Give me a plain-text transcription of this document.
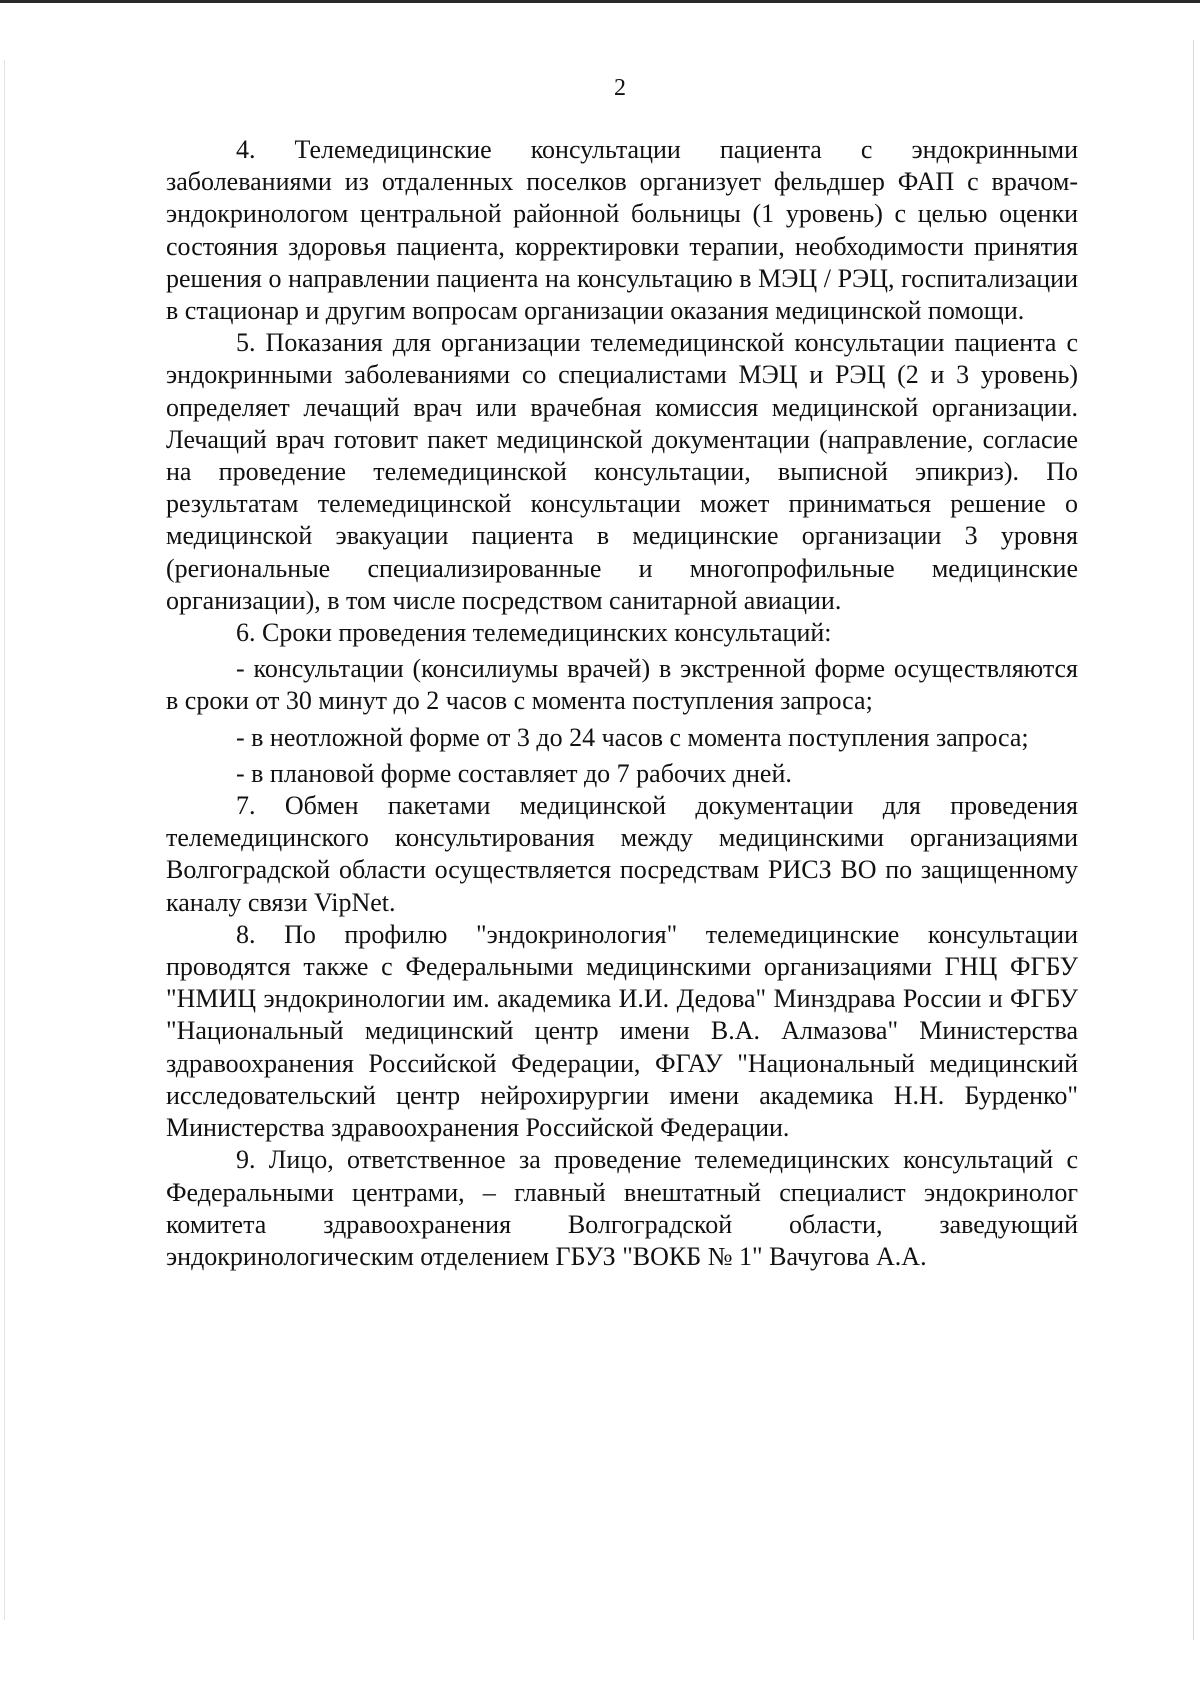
2

4. Телемедицинские консультации пациента с эндокринными заболеваниями из отдаленных поселков организует фельдшер ФАП с врачом-эндокринологом центральной районной больницы (1 уровень) с целью оценки состояния здоровья пациента, корректировки терапии, необходимости принятия решения о направлении пациента на консультацию в МЭЦ / РЭЦ, госпитализации в стационар и другим вопросам организации оказания медицинской помощи.

5. Показания для организации телемедицинской консультации пациента с эндокринными заболеваниями со специалистами МЭЦ и РЭЦ (2 и 3 уровень) определяет лечащий врач или врачебная комиссия медицинской организации. Лечащий врач готовит пакет медицинской документации (направление, согласие на проведение телемедицинской консультации, выписной эпикриз). По результатам телемедицинской консультации может приниматься решение о медицинской эвакуации пациента в медицинские организации 3 уровня (региональные специализированные и многопрофильные медицинские организации), в том числе посредством санитарной авиации.

6. Сроки проведения телемедицинских консультаций:

- консультации (консилиумы врачей) в экстренной форме осуществляются в сроки от 30 минут до 2 часов с момента поступления запроса;

- в неотложной форме от 3 до 24 часов с момента поступления запроса;

- в плановой форме составляет до 7 рабочих дней.

7. Обмен пакетами медицинской документации для проведения телемедицинского консультирования между медицинскими организациями Волгоградской области осуществляется посредствам РИСЗ ВО по защищенному каналу связи VipNet.

8. По профилю "эндокринология" телемедицинские консультации проводятся также с Федеральными медицинскими организациями ГНЦ ФГБУ "НМИЦ эндокринологии им. академика И.И. Дедова" Минздрава России и ФГБУ "Национальный медицинский центр имени В.А. Алмазова" Министерства здравоохранения Российской Федерации, ФГАУ "Национальный медицинский исследовательский центр нейрохирургии имени академика Н.Н. Бурденко" Министерства здравоохранения Российской Федерации.

9. Лицо, ответственное за проведение телемедицинских консультаций с Федеральными центрами, – главный внештатный специалист эндокринолог комитета здравоохранения Волгоградской области, заведующий эндокринологическим отделением ГБУЗ "ВОКБ № 1" Вачугова А.А.
